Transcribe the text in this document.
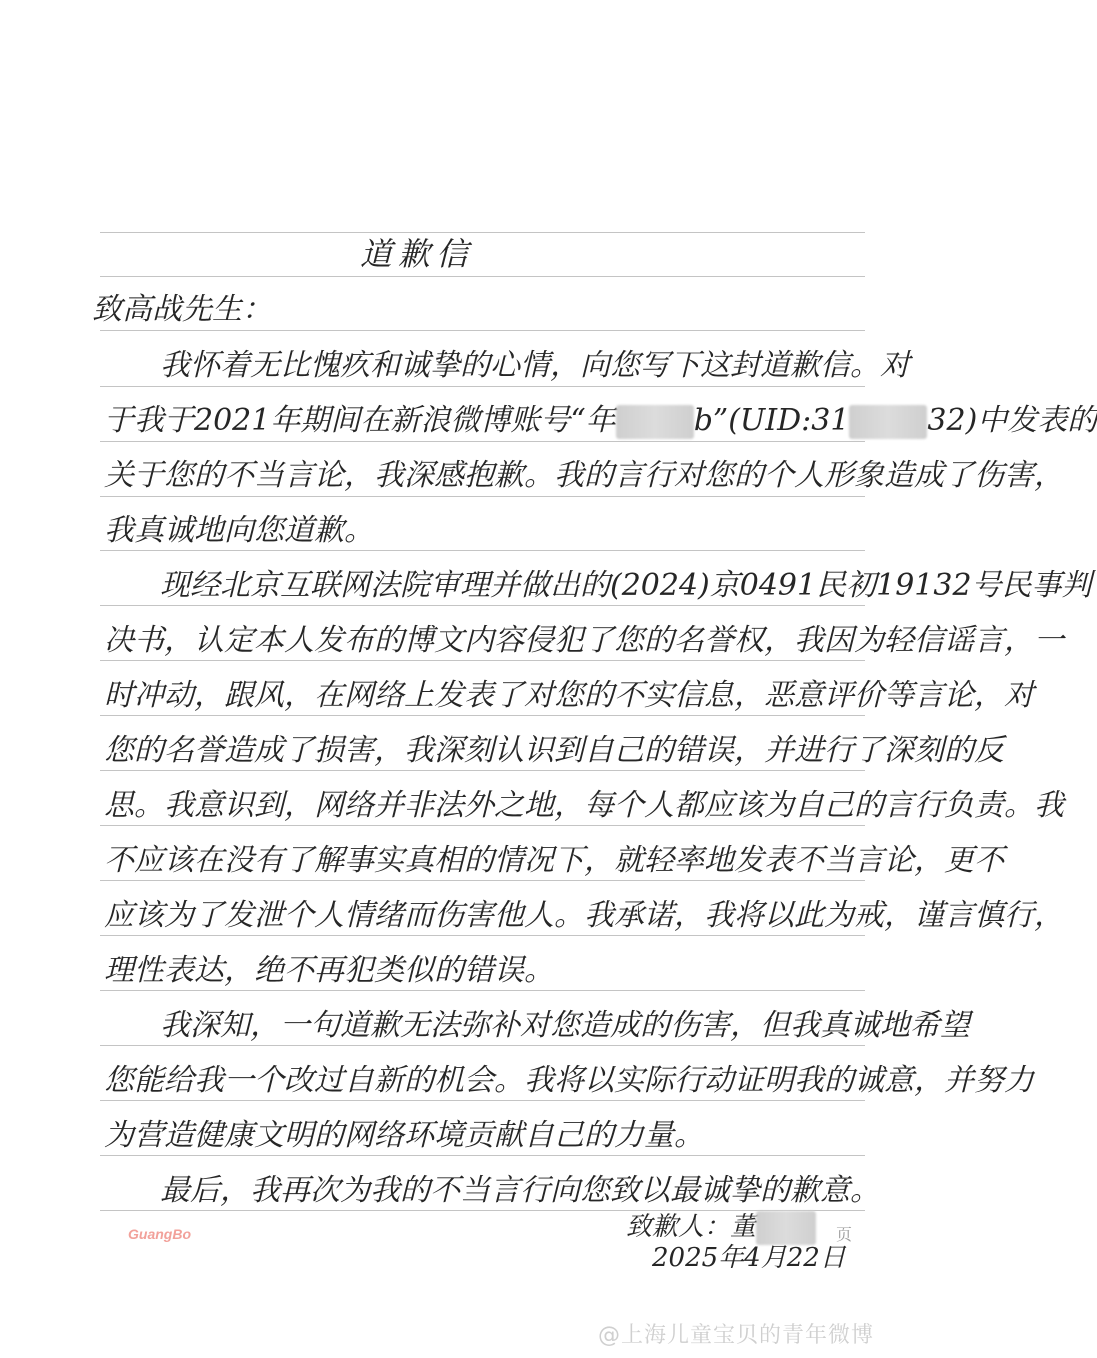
道歉信
致高战先生：
我怀着无比愧疚和诚挚的心情，向您写下这封道歉信。对
于我于2021年期间在新浪微博账号“年	b”(UID:31	32)中发表的
关于您的不当言论，我深感抱歉。我的言行对您的个人形象造成了伤害，
我真诚地向您道歉。
现经北京互联网法院审理并做出的(2024)京0491民初19132号民事判
决书，认定本人发布的博文内容侵犯了您的名誉权，我因为轻信谣言，一
时冲动，跟风，在网络上发表了对您的不实信息，恶意评价等言论，对
您的名誉造成了损害，我深刻认识到自己的错误，并进行了深刻的反
思。我意识到，网络并非法外之地，每个人都应该为自己的言行负责。我
不应该在没有了解事实真相的情况下，就轻率地发表不当言论，更不
应该为了发泄个人情绪而伤害他人。我承诺，我将以此为戒，谨言慎行，
理性表达，绝不再犯类似的错误。
我深知，一句道歉无法弥补对您造成的伤害，但我真诚地希望
您能给我一个改过自新的机会。我将以实际行动证明我的诚意，并努力
为营造健康文明的网络环境贡献自己的力量。
最后，我再次为我的不当言行向您致以最诚挚的歉意。
致歉人：董
2025年4月22日
GuangBo	页
@上海儿童宝贝的青年微博
